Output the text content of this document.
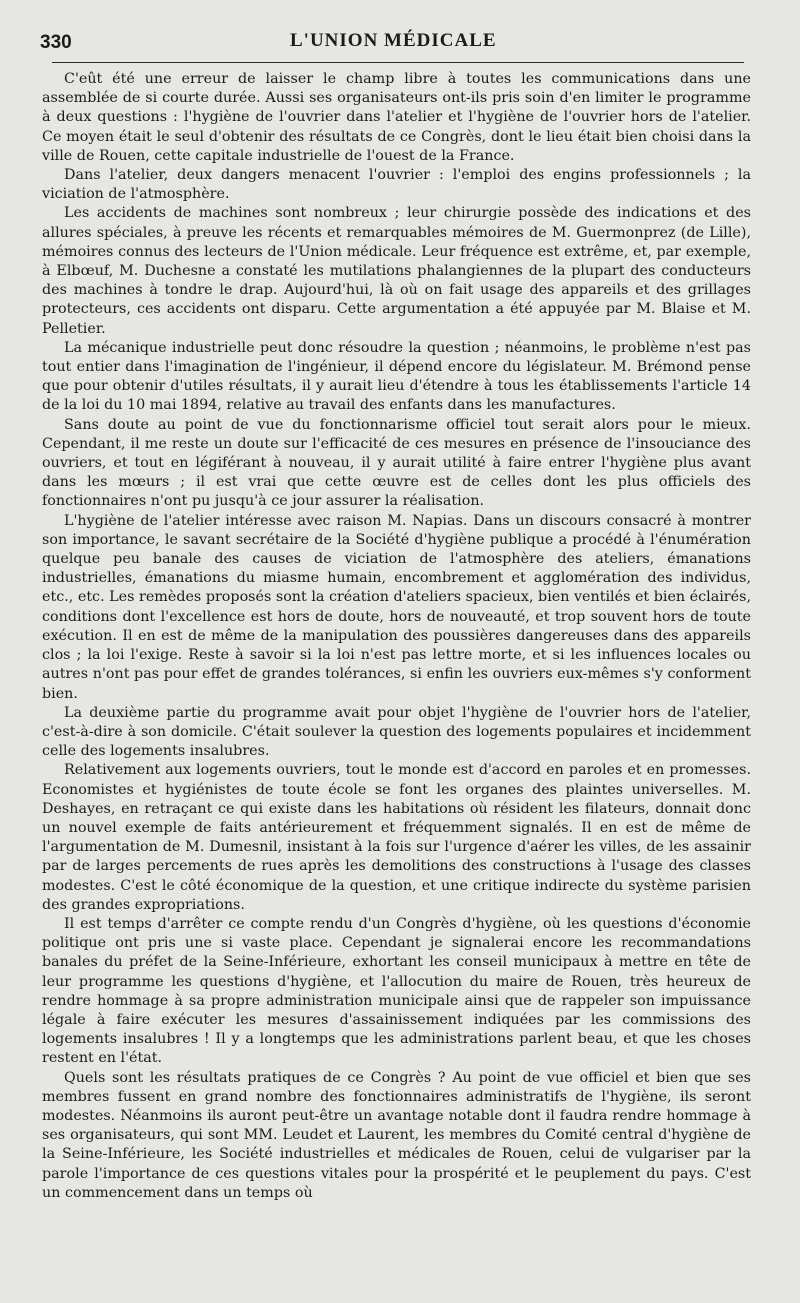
330	L'UNION MÉDICALE

C'eût été une erreur de laisser le champ libre à toutes les communications dans une assemblée de si courte durée. Aussi ses organisateurs ont-ils pris soin d'en limiter le programme à deux questions : l'hygiène de l'ouvrier dans l'atelier et l'hygiène de l'ouvrier hors de l'atelier. Ce moyen était le seul d'obtenir des résultats de ce Congrès, dont le lieu était bien choisi dans la ville de Rouen, cette capitale industrielle de l'ouest de la France.

Dans l'atelier, deux dangers menacent l'ouvrier : l'emploi des engins professionnels ; la viciation de l'atmosphère.

Les accidents de machines sont nombreux ; leur chirurgie possède des indications et des allures spéciales, à preuve les récents et remarquables mémoires de M. Guermonprez (de Lille), mémoires connus des lecteurs de l'Union médicale. Leur fréquence est extrême, et, par exemple, à Elbœuf, M. Duchesne a constaté les mutilations phalangiennes de la plupart des conducteurs des machines à tondre le drap. Aujourd'hui, là où on fait usage des appareils et des grillages protecteurs, ces accidents ont disparu. Cette argumentation a été appuyée par M. Blaise et M. Pelletier.

La mécanique industrielle peut donc résoudre la question ; néanmoins, le problème n'est pas tout entier dans l'imagination de l'ingénieur, il dépend encore du législateur. M. Brémond pense que pour obtenir d'utiles résultats, il y aurait lieu d'étendre à tous les établissements l'article 14 de la loi du 10 mai 1894, relative au travail des enfants dans les manufactures.

Sans doute au point de vue du fonctionnarisme officiel tout serait alors pour le mieux. Cependant, il me reste un doute sur l'efficacité de ces mesures en présence de l'insouciance des ouvriers, et tout en légiférant à nouveau, il y aurait utilité à faire entrer l'hygiène plus avant dans les mœurs ; il est vrai que cette œuvre est de celles dont les plus officiels des fonctionnaires n'ont pu jusqu'à ce jour assurer la réalisation.

L'hygiène de l'atelier intéresse avec raison M. Napias. Dans un discours consacré à montrer son importance, le savant secrétaire de la Société d'hygiène publique a procédé à l'énumération quelque peu banale des causes de viciation de l'atmosphère des ateliers, émanations industrielles, émanations du miasme humain, encombrement et agglomération des individus, etc., etc. Les remèdes proposés sont la création d'ateliers spacieux, bien ventilés et bien éclairés, conditions dont l'excellence est hors de doute, hors de nouveauté, et trop souvent hors de toute exécution. Il en est de même de la manipulation des poussières dangereuses dans des appareils clos ; la loi l'exige. Reste à savoir si la loi n'est pas lettre morte, et si les influences locales ou autres n'ont pas pour effet de grandes tolérances, si enfin les ouvriers eux-mêmes s'y conforment bien.

La deuxième partie du programme avait pour objet l'hygiène de l'ouvrier hors de l'atelier, c'est-à-dire à son domicile. C'était soulever la question des logements populaires et incidemment celle des logements insalubres.

Relativement aux logements ouvriers, tout le monde est d'accord en paroles et en promesses. Economistes et hygiénistes de toute école se font les organes des plaintes universelles. M. Deshayes, en retraçant ce qui existe dans les habitations où résident les filateurs, donnait donc un nouvel exemple de faits antérieurement et fréquemment signalés. Il en est de même de l'argumentation de M. Dumesnil, insistant à la fois sur l'urgence d'aérer les villes, de les assainir par de larges percements de rues après les demolitions des constructions à l'usage des classes modestes. C'est le côté économique de la question, et une critique indirecte du système parisien des grandes expropriations.

Il est temps d'arrêter ce compte rendu d'un Congrès d'hygiène, où les questions d'économie politique ont pris une si vaste place. Cependant je signalerai encore les recommandations banales du préfet de la Seine-Inférieure, exhortant les conseil municipaux à mettre en tête de leur programme les questions d'hygiène, et l'allocution du maire de Rouen, très heureux de rendre hommage à sa propre administration municipale ainsi que de rappeler son impuissance légale à faire exécuter les mesures d'assainissement indiquées par les commissions des logements insalubres ! Il y a longtemps que les administrations parlent beau, et que les choses restent en l'état.

Quels sont les résultats pratiques de ce Congrès ? Au point de vue officiel et bien que ses membres fussent en grand nombre des fonctionnaires administratifs de l'hygiène, ils seront modestes. Néanmoins ils auront peut-être un avantage notable dont il faudra rendre hommage à ses organisateurs, qui sont MM. Leudet et Laurent, les membres du Comité central d'hygiène de la Seine-Inférieure, les Société industrielles et médicales de Rouen, celui de vulgariser par la parole l'importance de ces questions vitales pour la prospérité et le peuplement du pays. C'est un commencement dans un temps où
